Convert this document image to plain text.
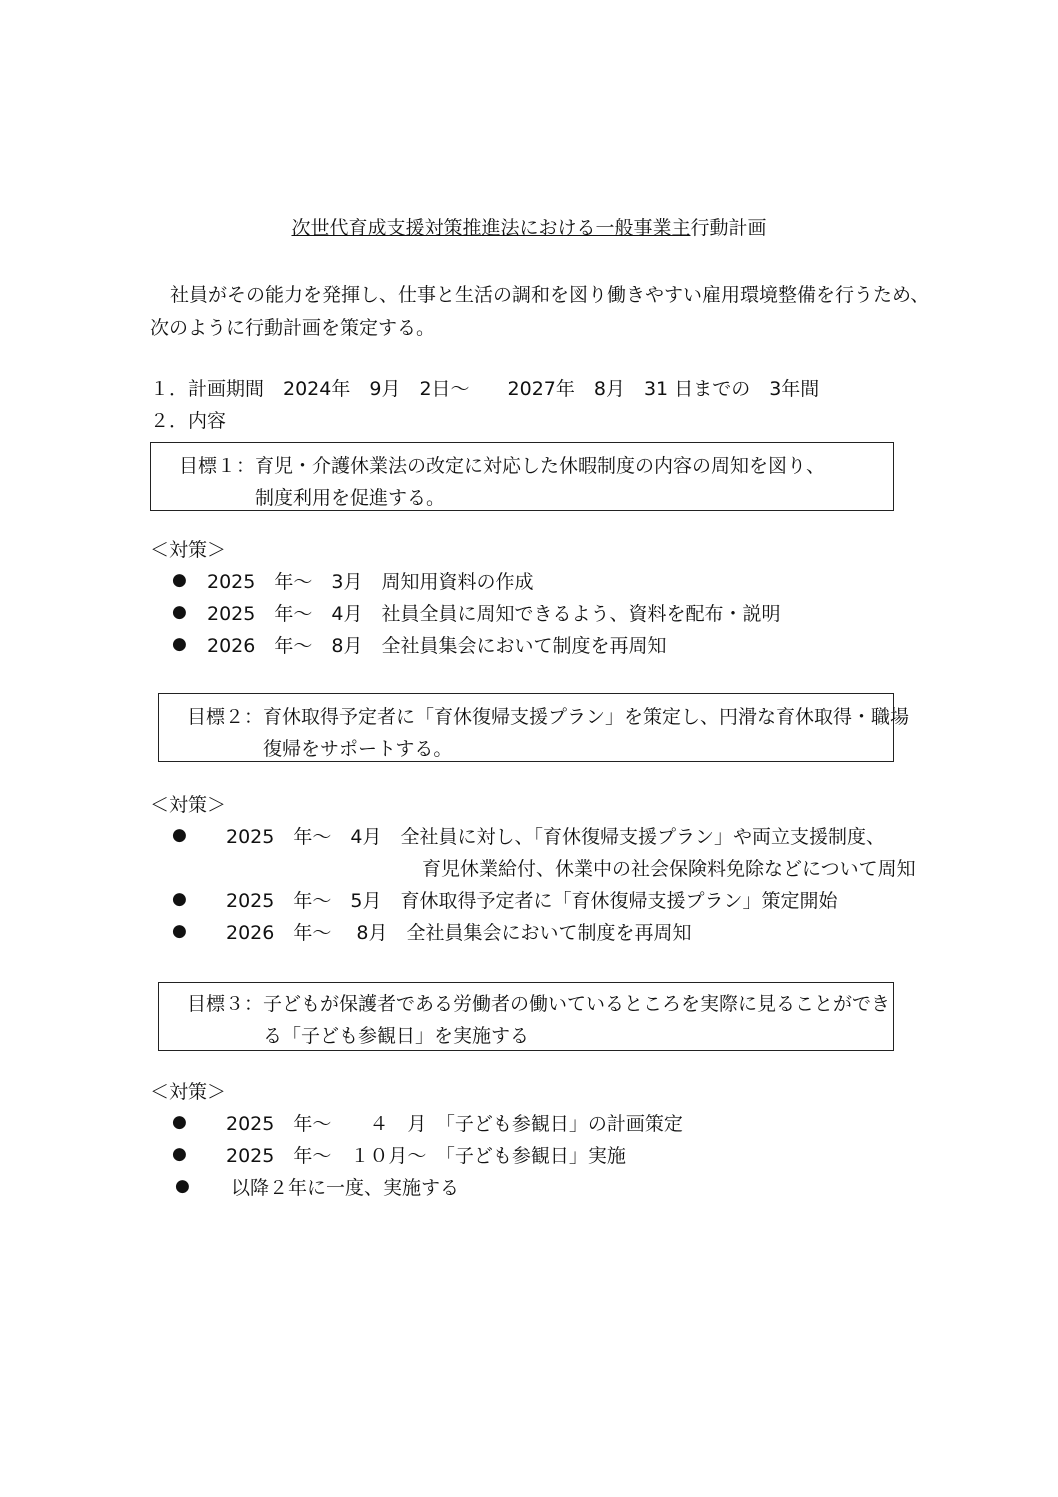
次世代育成支援対策推進法における一般事業主行動計画
社員がその能力を発揮し、仕事と生活の調和を図り働きやすい雇用環境整備を行うため、
次のように行動計画を策定する。
１．計画期間　2024年　9月　2日～　　2027年　8月　31 日までの　3年間
２．内容
目標１：育児・介護休業法の改定に対応した休暇制度の内容の周知を図り、
制度利用を促進する。
＜対策＞
● 2025　年～　3月　周知用資料の作成
● 2025　年～　4月　社員全員に周知できるよう、資料を配布・説明
● 2026　年～　8月　全社員集会において制度を再周知
目標２：育休取得予定者に「育休復帰支援プラン」を策定し、円滑な育休取得・職場
復帰をサポートする。
＜対策＞
● 2025　年～　4月　全社員に対し、「育休復帰支援プラン」や両立支援制度、
育児休業給付、休業中の社会保険料免除などについて周知
● 2025　年～　5月　育休取得予定者に「育休復帰支援プラン」策定開始
● 2026　年～　 8月　全社員集会において制度を再周知
目標３：子どもが保護者である労働者の働いているところを実際に見ることができ
る「子ども参観日」を実施する
＜対策＞
● 2025　年～　　４　月　「子ども参観日」の計画策定
● 2025　年～　１０月～　「子ども参観日」実施
● 以降２年に一度、実施する
